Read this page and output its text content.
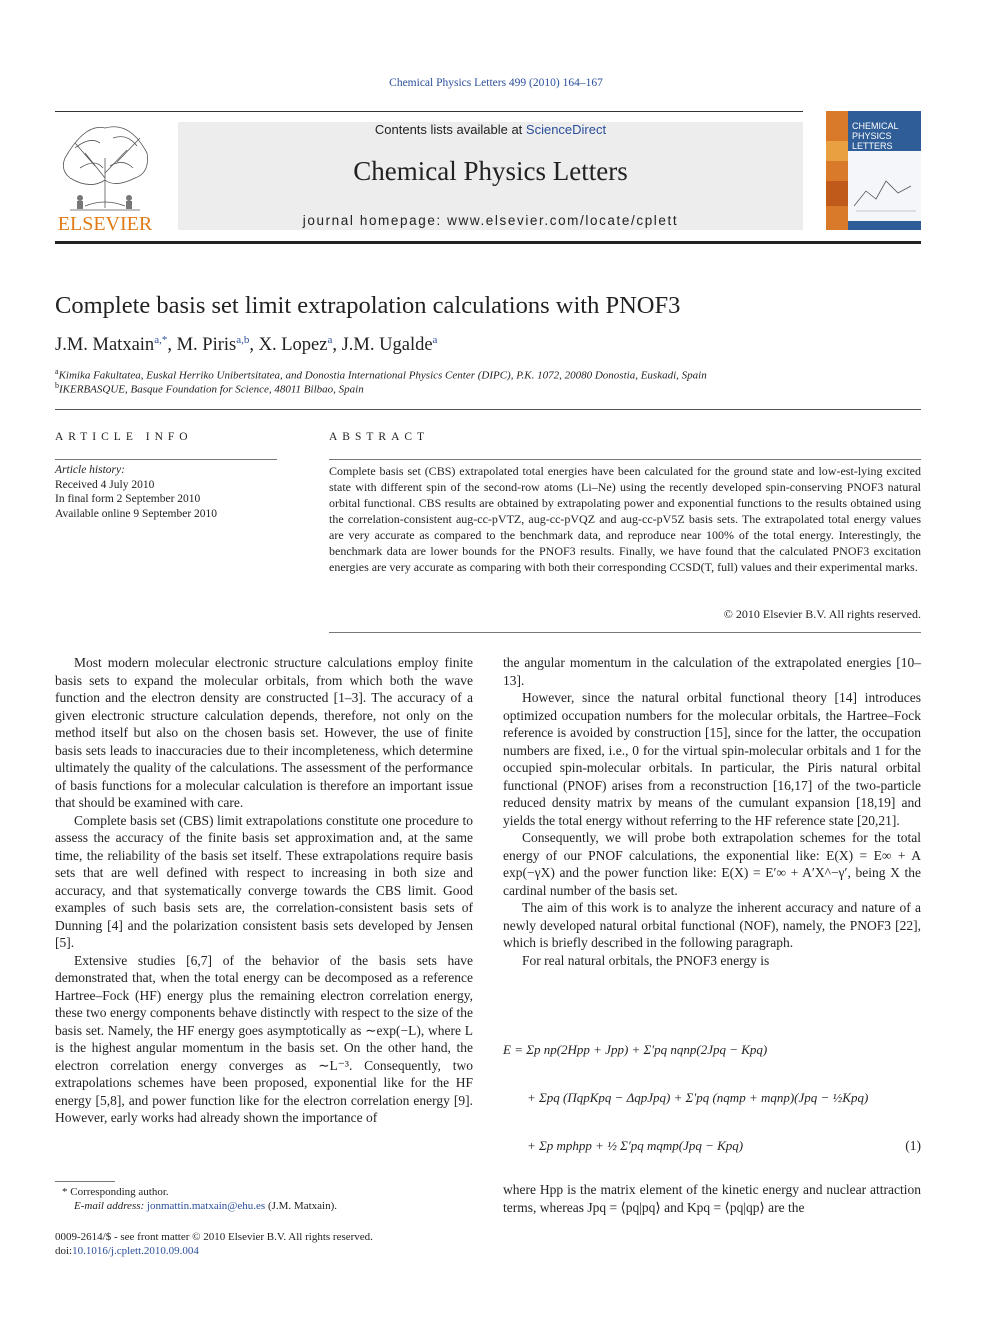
Chemical Physics Letters 499 (2010) 164–167
ELSEVIER
Contents lists available at ScienceDirect
Chemical Physics Letters
journal homepage: www.elsevier.com/locate/cplett
CHEMICAL
PHYSICS
LETTERS
Complete basis set limit extrapolation calculations with PNOF3
J.M. Matxain$^{a,*}$, M. Piris$^{a,b}$, X. Lopez$^a$, J.M. Ugalde$^a$
$^a$Kimika Fakultatea, Euskal Herriko Unibertsitatea, and Donostia International Physics Center (DIPC), P.K. 1072, 20080 Donostia, Euskadi, Spain
$^b$IKERBASQUE, Basque Foundation for Science, 48011 Bilbao, Spain
ARTICLE INFO
Article history:
Received 4 July 2010
In final form 2 September 2010
Available online 9 September 2010
ABSTRACT
Complete basis set (CBS) extrapolated total energies have been calculated for the ground state and low-est-lying excited state with different spin of the second-row atoms (Li–Ne) using the recently developed spin-conserving PNOF3 natural orbital functional. CBS results are obtained by extrapolating power and exponential functions to the results obtained using the correlation-consistent aug-cc-pVTZ, aug-cc-pVQZ and aug-cc-pV5Z basis sets. The extrapolated total energy values are very accurate as compared to the benchmark data, and reproduce near 100% of the total energy. Interestingly, the benchmark data are lower bounds for the PNOF3 results. Finally, we have found that the calculated PNOF3 excitation energies are very accurate as comparing with both their corresponding CCSD(T, full) values and their experimental marks.
© 2010 Elsevier B.V. All rights reserved.

Most modern molecular electronic structure calculations employ finite basis sets to expand the molecular orbitals, from which both the wave function and the electron density are constructed [1–3]. The accuracy of a given electronic structure calculation depends, therefore, not only on the method itself but also on the chosen basis set. However, the use of finite basis sets leads to inaccuracies due to their incompleteness, which determine ultimately the quality of the calculations. The assessment of the performance of basis functions for a molecular calculation is therefore an important issue that should be examined with care.

Complete basis set (CBS) limit extrapolations constitute one procedure to assess the accuracy of the finite basis set approximation and, at the same time, the reliability of the basis set itself. These extrapolations require basis sets that are well defined with respect to increasing in both size and accuracy, and that systematically converge towards the CBS limit. Good examples of such basis sets are, the correlation-consistent basis sets of Dunning [4] and the polarization consistent basis sets developed by Jensen [5].

Extensive studies [6,7] of the behavior of the basis sets have demonstrated that, when the total energy can be decomposed as a reference Hartree–Fock (HF) energy plus the remaining electron correlation energy, these two energy components behave distinctly with respect to the size of the basis set. Namely, the HF energy goes asymptotically as ∼exp(−L), where L is the highest angular momentum in the basis set. On the other hand, the electron correlation energy converges as ∼L⁻³. Consequently, two extrapolations schemes have been proposed, exponential like for the HF energy [5,8], and power function like for the electron correlation energy [9]. However, early works had already shown the importance of

the angular momentum in the calculation of the extrapolated energies [10–13].

However, since the natural orbital functional theory [14] introduces optimized occupation numbers for the molecular orbitals, the Hartree–Fock reference is avoided by construction [15], since for the latter, the occupation numbers are fixed, i.e., 0 for the virtual spin-molecular orbitals and 1 for the occupied spin-molecular orbitals. In particular, the Piris natural orbital functional (PNOF) arises from a reconstruction [16,17] of the two-particle reduced density matrix by means of the cumulant expansion [18,19] and yields the total energy without referring to the HF reference state [20,21].

Consequently, we will probe both extrapolation schemes for the total energy of our PNOF calculations, the exponential like: E(X) = E∞ + A exp(−γX) and the power function like: E(X) = E′∞ + A′X^−γ′, being X the cardinal number of the basis set.

The aim of this work is to analyze the inherent accuracy and nature of a newly developed natural orbital functional (NOF), namely, the PNOF3 [22], which is briefly described in the following paragraph.

For real natural orbitals, the PNOF3 energy is

E = Σp np(2Hpp + Jpp) + Σ′pq nqnp(2Jpq − Kpq)
+ Σpq (ΠqpKpq − ΔqpJpq) + Σ′pq (nqmp + mqnp)(Jpq − ½Kpq)
+ Σp mphpp + ½ Σ′pq mqmp(Jpq − Kpq)	(1)

where Hpp is the matrix element of the kinetic energy and nuclear attraction terms, whereas Jpq = ⟨pq|pq⟩ and Kpq = ⟨pq|qp⟩ are the

* Corresponding author.
E-mail address: jonmattin.matxain@ehu.es (J.M. Matxain).
0009-2614/$ - see front matter © 2010 Elsevier B.V. All rights reserved.
doi:10.1016/j.cplett.2010.09.004
